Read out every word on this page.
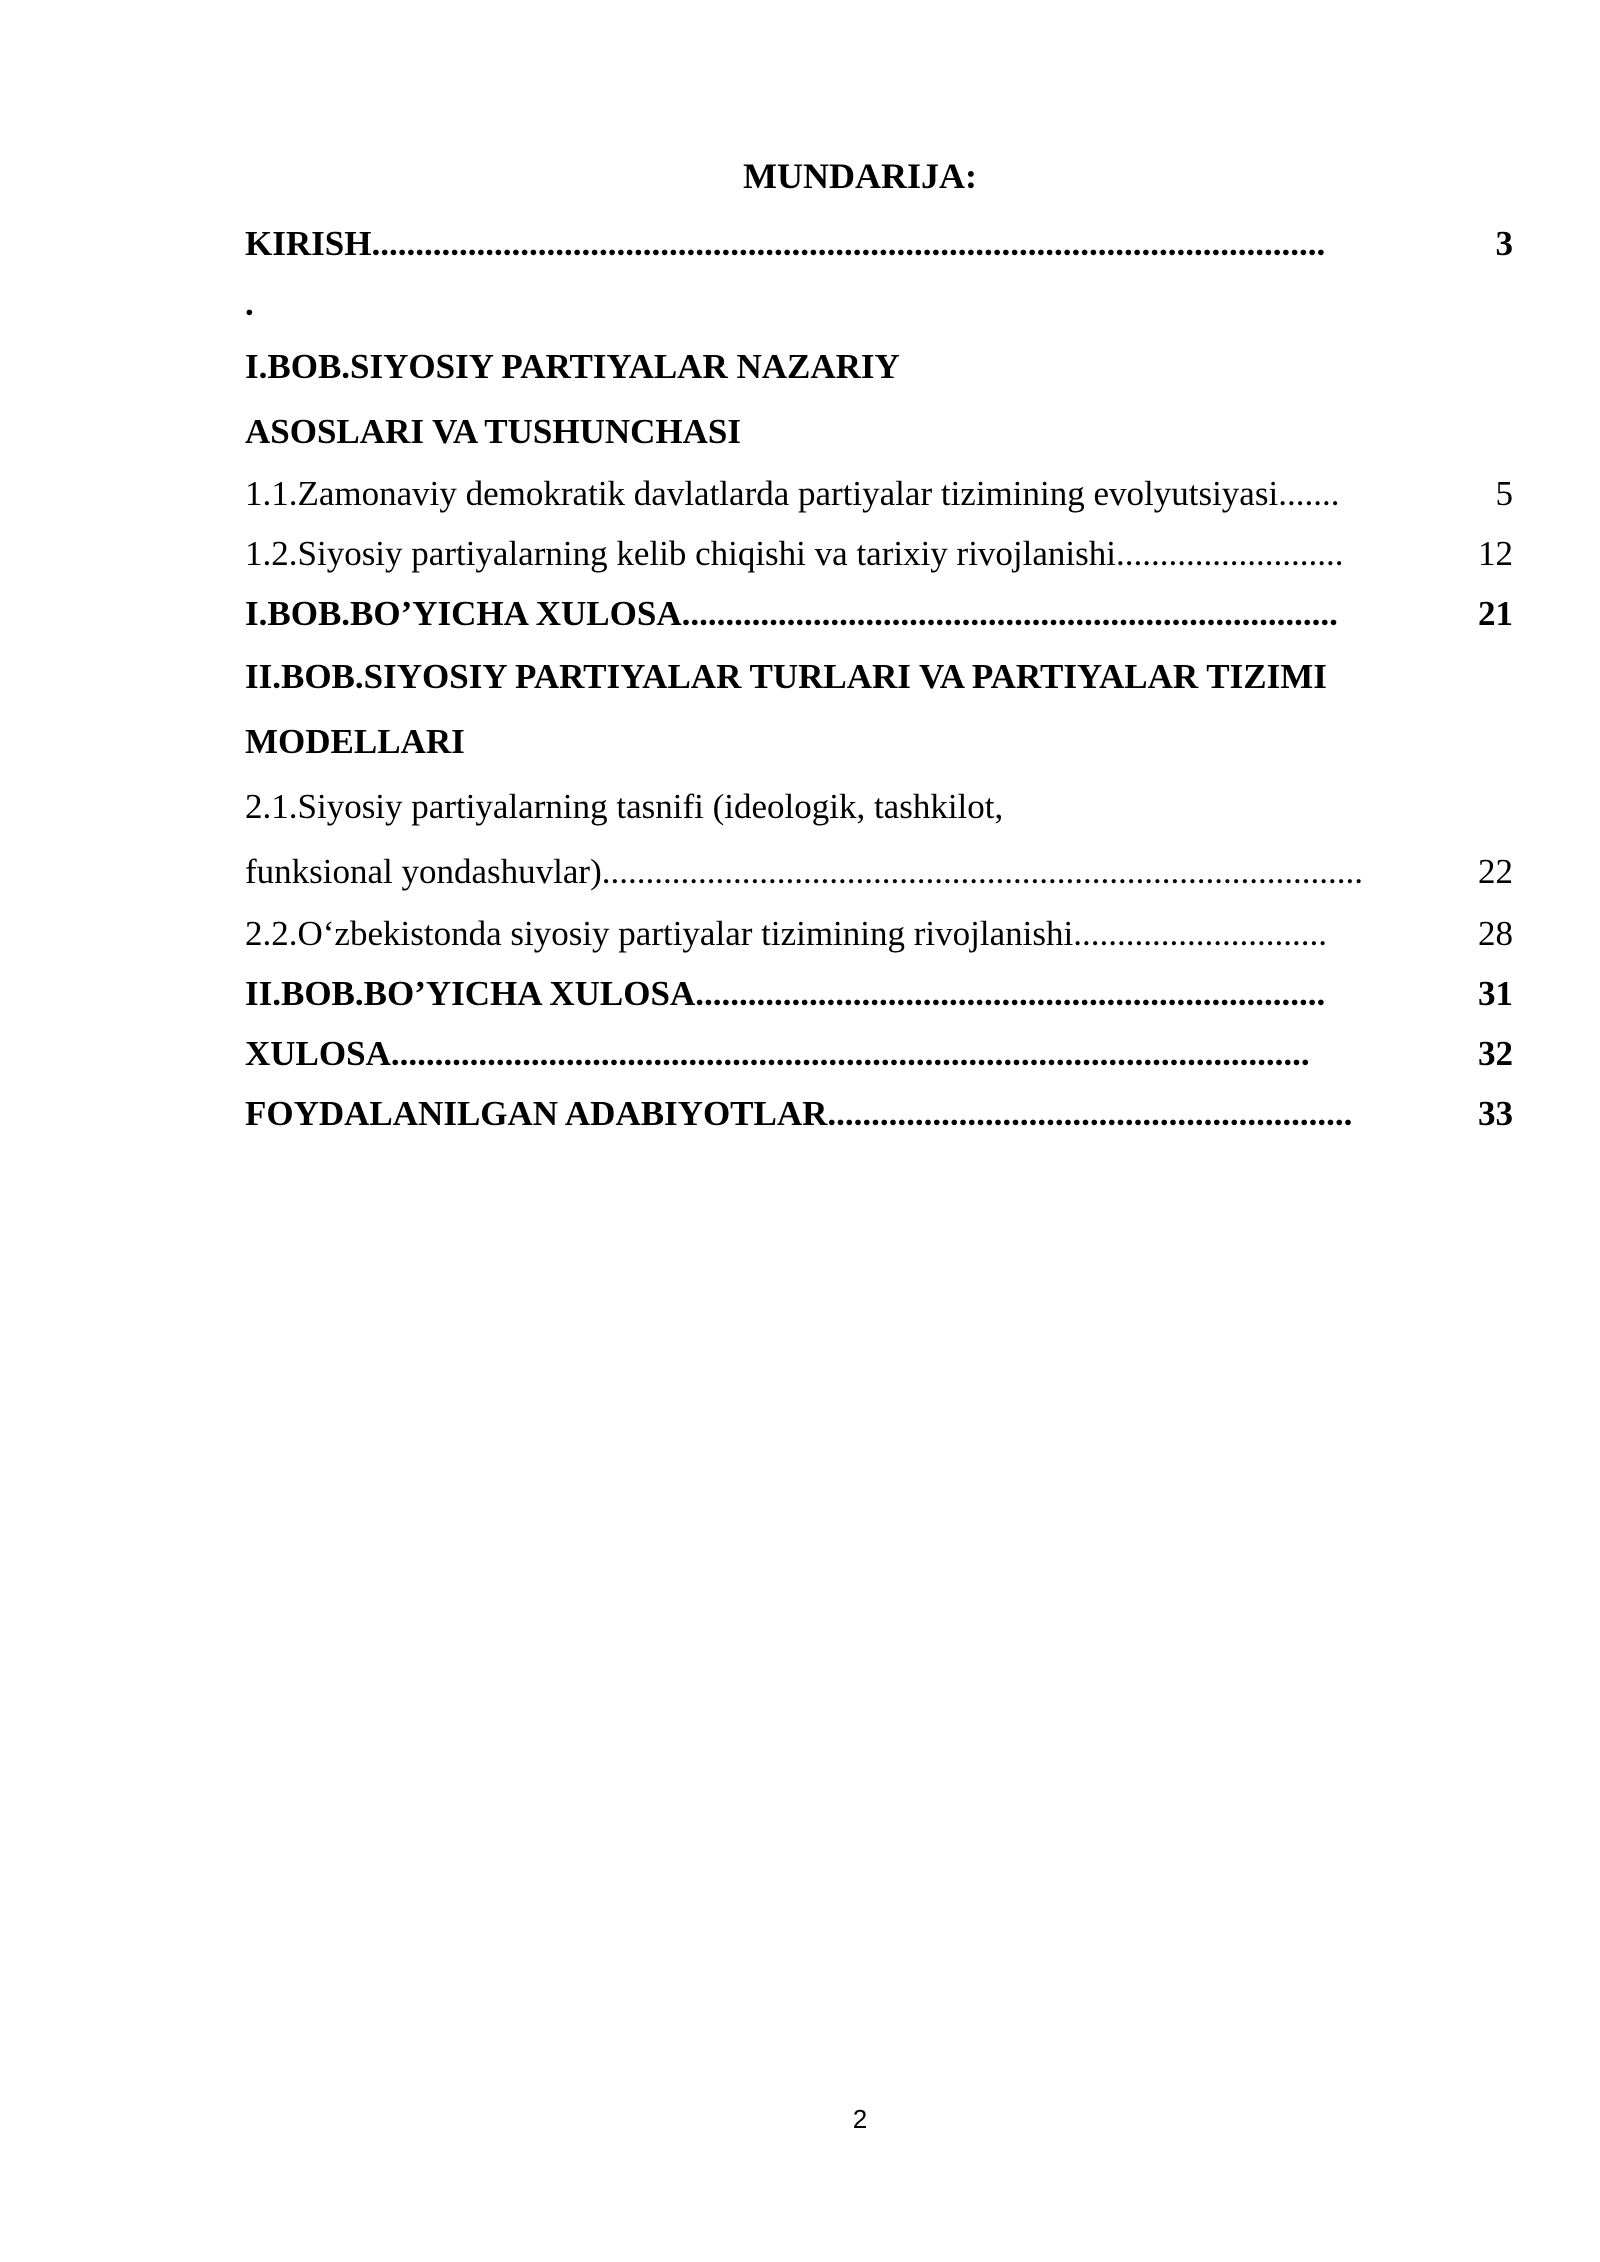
MUNDARIJA:
KIRISH.............................................................................................................	3
.
I.BOB.SIYOSIY PARTIYALAR NAZARIY
ASOSLARI VA TUSHUNCHASI
1.1.Zamonaviy demokratik davlatlarda partiyalar tizimining evolyutsiyasi.......	5
1.2.Siyosiy partiyalarning kelib chiqishi va tarixiy rivojlanishi..........................	12
I.BOB.BO’YICHA XULOSA...........................................................................	21
II.BOB.SIYOSIY PARTIYALAR TURLARI VA PARTIYALAR TIZIMI
MODELLARI
2.1.Siyosiy partiyalarning tasnifi (ideologik, tashkilot,
funksional yondashuvlar).......................................................................................	22
2.2.O‘zbekistonda siyosiy partiyalar tizimining rivojlanishi.............................	28
II.BOB.BO’YICHA XULOSA........................................................................	31
XULOSA.........................................................................................................	32
FOYDALANILGAN ADABIYOTLAR............................................................	33
2
